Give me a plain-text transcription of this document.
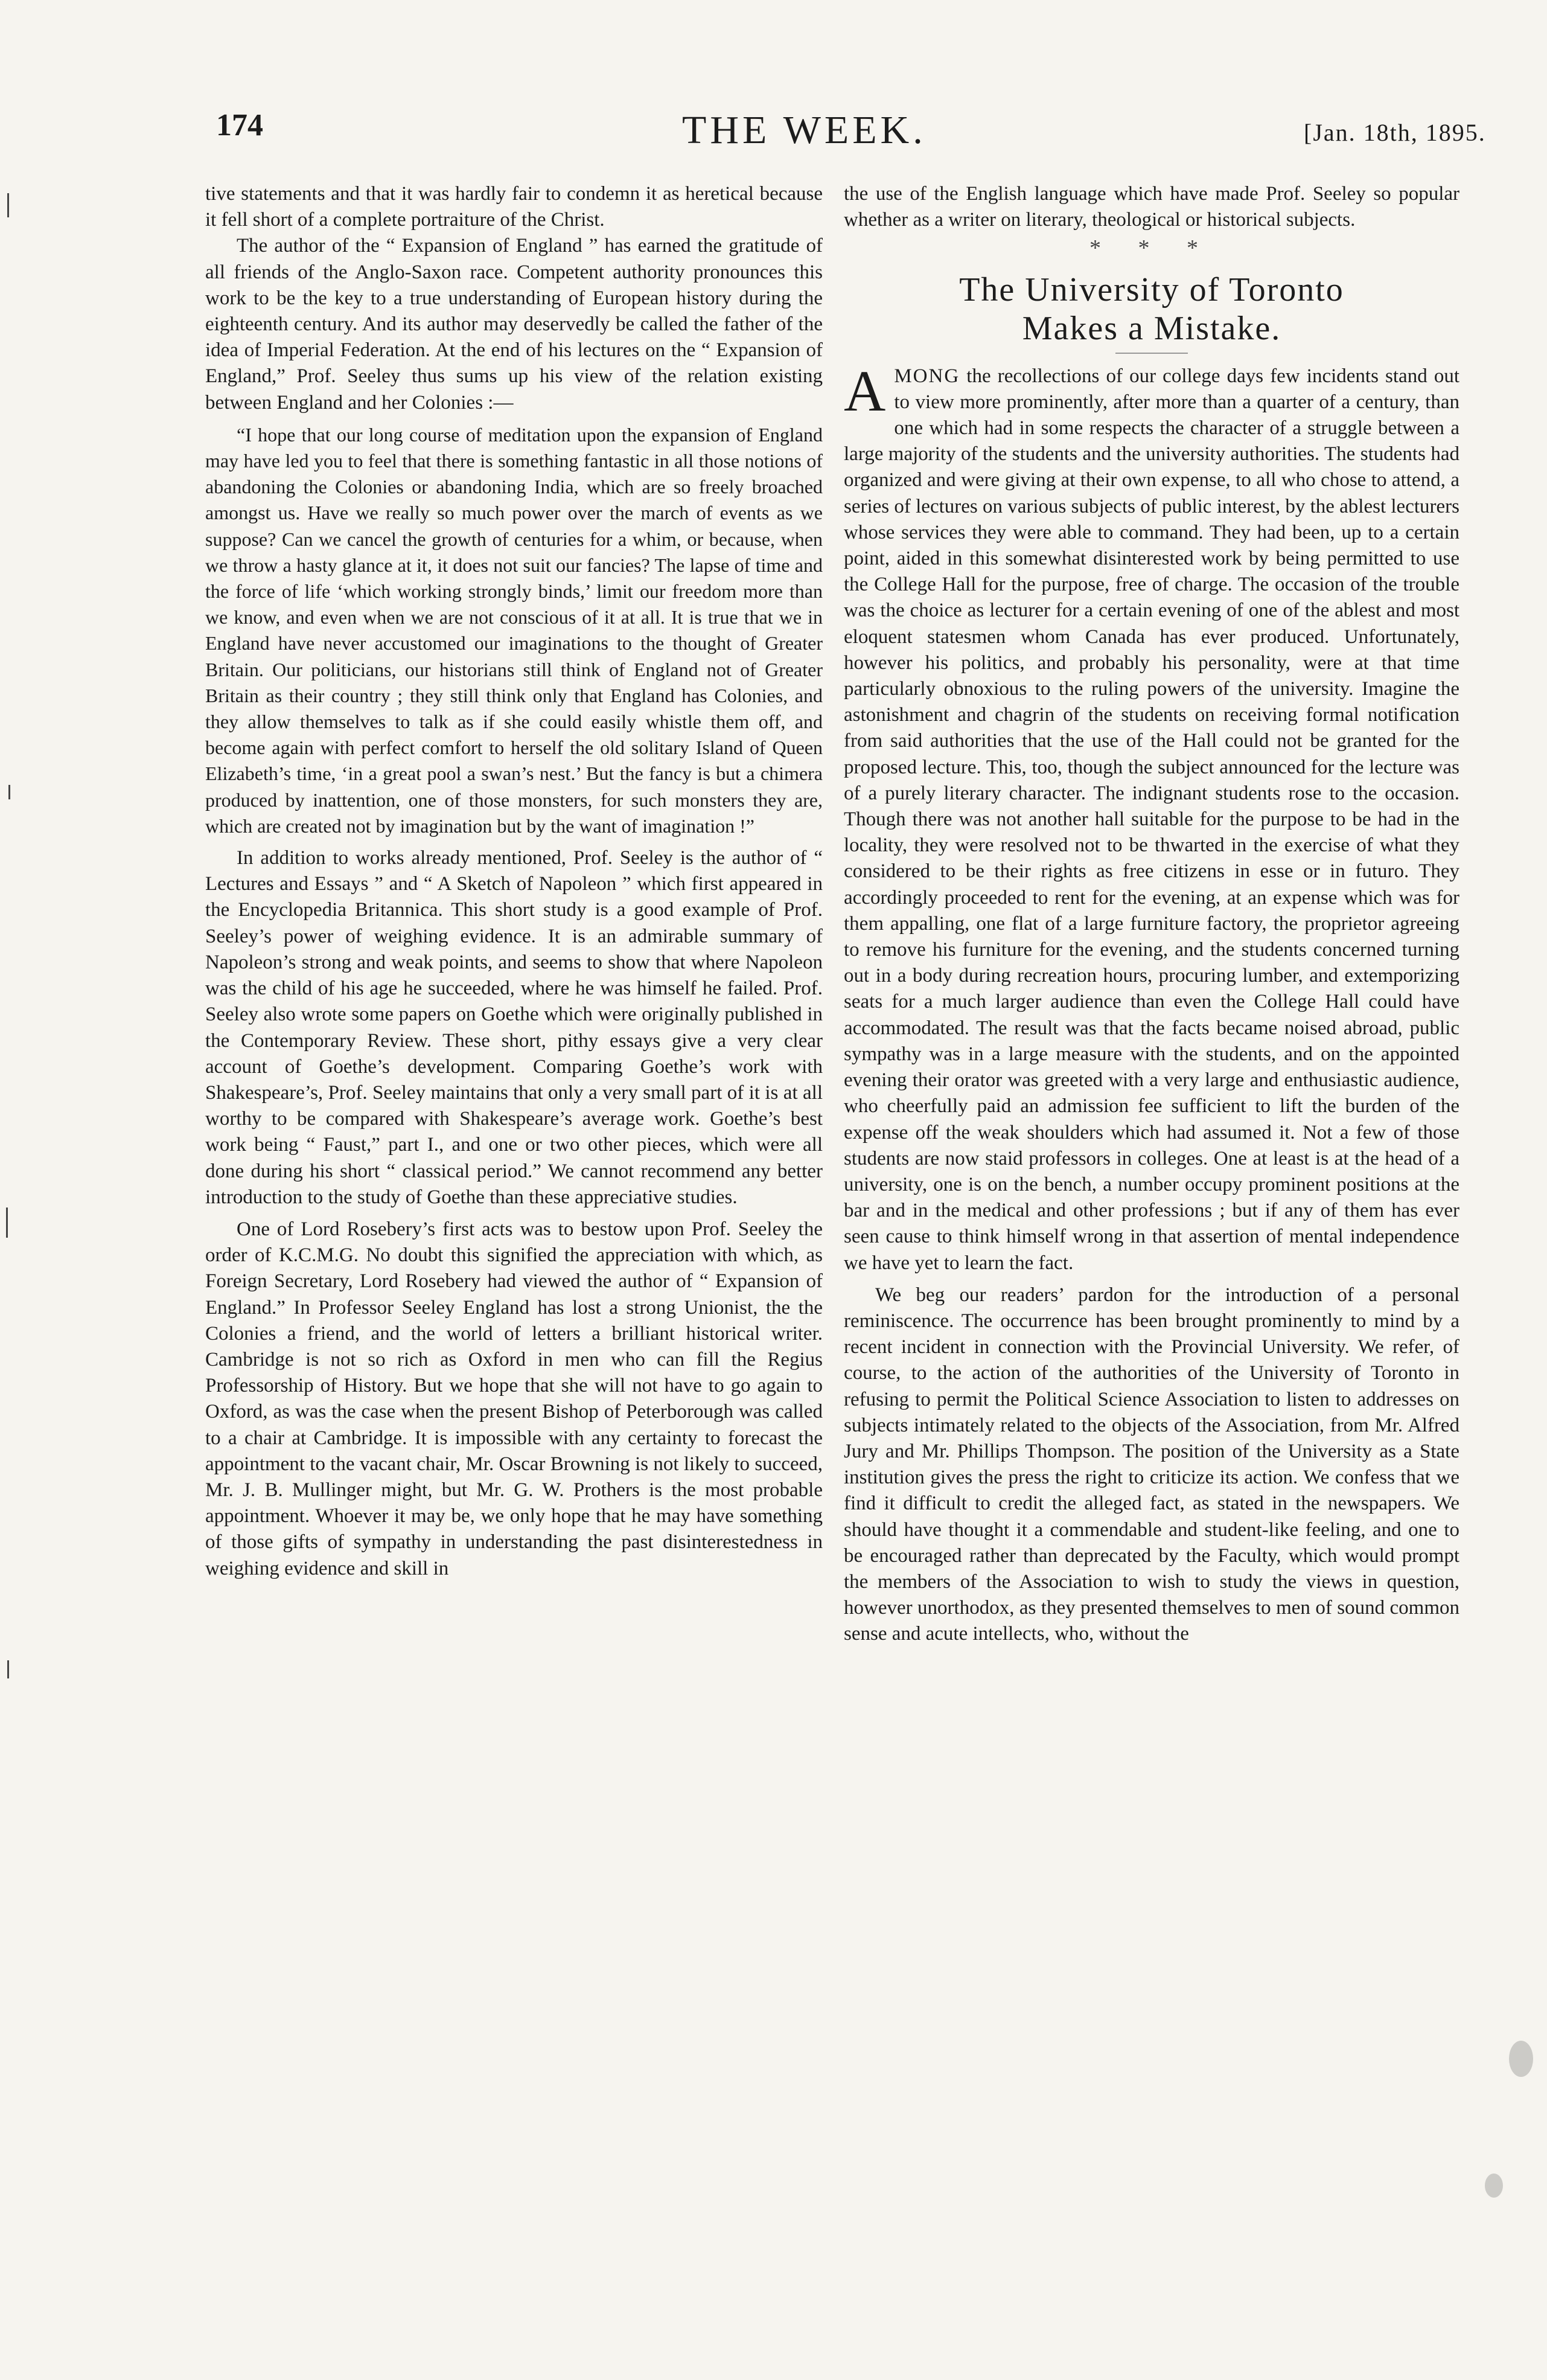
174	THE WEEK.	[Jan. 18th, 1895.

tive statements and that it was hardly fair to condemn it as heretical because it fell short of a complete portraiture of the Christ.

The author of the “ Expansion of England ” has earned the gratitude of all friends of the Anglo-Saxon race. Competent authority pronounces this work to be the key to a true understanding of European history during the eighteenth century. And its author may deservedly be called the father of the idea of Imperial Federation. At the end of his lectures on the “ Expansion of England,” Prof. Seeley thus sums up his view of the relation existing between England and her Colonies :—

“I hope that our long course of meditation upon the expansion of England may have led you to feel that there is something fantastic in all those notions of abandoning the Colonies or abandoning India, which are so freely broached amongst us. Have we really so much power over the march of events as we suppose? Can we cancel the growth of centuries for a whim, or because, when we throw a hasty glance at it, it does not suit our fancies? The lapse of time and the force of life ‘which working strongly binds,’ limit our freedom more than we know, and even when we are not conscious of it at all. It is true that we in England have never accustomed our imaginations to the thought of Greater Britain. Our politicians, our historians still think of England not of Greater Britain as their country ; they still think only that England has Colonies, and they allow themselves to talk as if she could easily whistle them off, and become again with perfect comfort to herself the old solitary Island of Queen Elizabeth’s time, ‘in a great pool a swan’s nest.’ But the fancy is but a chimera produced by inattention, one of those monsters, for such monsters they are, which are created not by imagination but by the want of imagination !”

In addition to works already mentioned, Prof. Seeley is the author of “ Lectures and Essays ” and “ A Sketch of Napoleon ” which first appeared in the Encyclopedia Britannica. This short study is a good example of Prof. Seeley’s power of weighing evidence. It is an admirable summary of Napoleon’s strong and weak points, and seems to show that where Napoleon was the child of his age he succeeded, where he was himself he failed. Prof. Seeley also wrote some papers on Goethe which were originally published in the Contemporary Review. These short, pithy essays give a very clear account of Goethe’s development. Comparing Goethe’s work with Shakespeare’s, Prof. Seeley maintains that only a very small part of it is at all worthy to be compared with Shakespeare’s average work. Goethe’s best work being “ Faust,” part I., and one or two other pieces, which were all done during his short “ classical period.” We cannot recommend any better introduction to the study of Goethe than these appreciative studies.

One of Lord Rosebery’s first acts was to bestow upon Prof. Seeley the order of K.C.M.G. No doubt this signified the appreciation with which, as Foreign Secretary, Lord Rosebery had viewed the author of “ Expansion of England.” In Professor Seeley England has lost a strong Unionist, the the Colonies a friend, and the world of letters a brilliant historical writer. Cambridge is not so rich as Oxford in men who can fill the Regius Professorship of History. But we hope that she will not have to go again to Oxford, as was the case when the present Bishop of Peterborough was called to a chair at Cambridge. It is impossible with any certainty to forecast the appointment to the vacant chair, Mr. Oscar Browning is not likely to succeed, Mr. J. B. Mullinger might, but Mr. G. W. Prothers is the most probable appointment. Whoever it may be, we only hope that he may have something of those gifts of sympathy in understanding the past disinterestedness in weighing evidence and skill in

the use of the English language which have made Prof. Seeley so popular whether as a writer on literary, theological or historical subjects.

* * *
The University of Toronto
Makes a Mistake.

AMONG the recollections of our college days few incidents stand out to view more prominently, after more than a quarter of a century, than one which had in some respects the character of a struggle between a large majority of the students and the university authorities. The students had organized and were giving at their own expense, to all who chose to attend, a series of lectures on various subjects of public interest, by the ablest lecturers whose services they were able to command. They had been, up to a certain point, aided in this somewhat disinterested work by being permitted to use the College Hall for the purpose, free of charge. The occasion of the trouble was the choice as lecturer for a certain evening of one of the ablest and most eloquent statesmen whom Canada has ever produced. Unfortunately, however his politics, and probably his personality, were at that time particularly obnoxious to the ruling powers of the university. Imagine the astonishment and chagrin of the students on receiving formal notification from said authorities that the use of the Hall could not be granted for the proposed lecture. This, too, though the subject announced for the lecture was of a purely literary character. The indignant students rose to the occasion. Though there was not another hall suitable for the purpose to be had in the locality, they were resolved not to be thwarted in the exercise of what they considered to be their rights as free citizens in esse or in futuro. They accordingly proceeded to rent for the evening, at an expense which was for them appalling, one flat of a large furniture factory, the proprietor agreeing to remove his furniture for the evening, and the students concerned turning out in a body during recreation hours, procuring lumber, and extemporizing seats for a much larger audience than even the College Hall could have accommodated. The result was that the facts became noised abroad, public sympathy was in a large measure with the students, and on the appointed evening their orator was greeted with a very large and enthusiastic audience, who cheerfully paid an admission fee sufficient to lift the burden of the expense off the weak shoulders which had assumed it. Not a few of those students are now staid professors in colleges. One at least is at the head of a university, one is on the bench, a number occupy prominent positions at the bar and in the medical and other professions ; but if any of them has ever seen cause to think himself wrong in that assertion of mental independence we have yet to learn the fact.

We beg our readers’ pardon for the introduction of a personal reminiscence. The occurrence has been brought prominently to mind by a recent incident in connection with the Provincial University. We refer, of course, to the action of the authorities of the University of Toronto in refusing to permit the Political Science Association to listen to addresses on subjects intimately related to the objects of the Association, from Mr. Alfred Jury and Mr. Phillips Thompson. The position of the University as a State institution gives the press the right to criticize its action. We confess that we find it difficult to credit the alleged fact, as stated in the newspapers. We should have thought it a commendable and student-like feeling, and one to be encouraged rather than deprecated by the Faculty, which would prompt the members of the Association to wish to study the views in question, however unorthodox, as they presented themselves to men of sound common sense and acute intellects, who, without the
